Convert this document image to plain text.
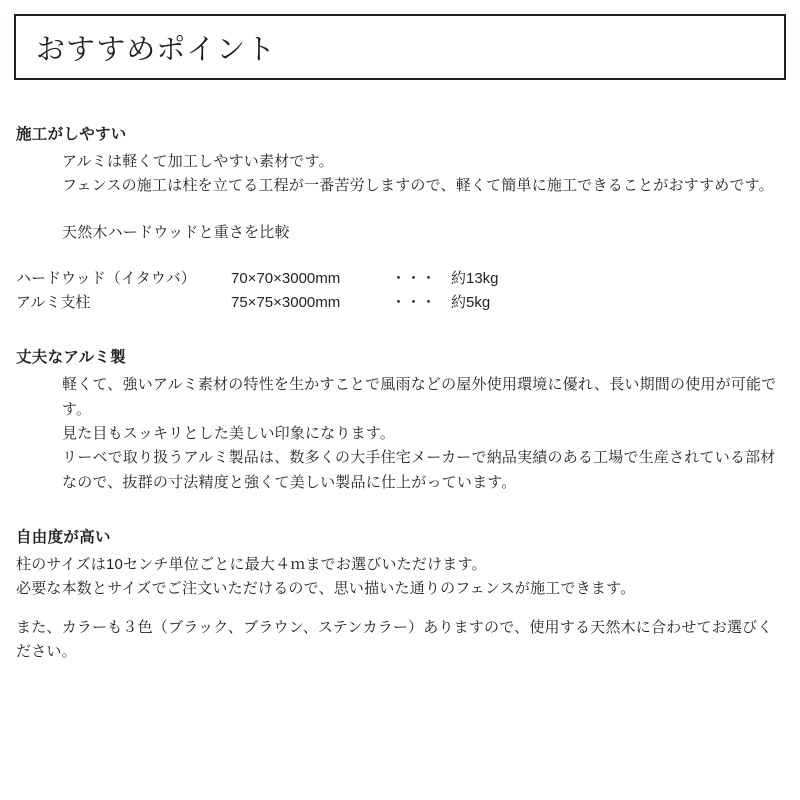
おすすめポイント
施工がしやすい
アルミは軽くて加工しやすい素材です。
フェンスの施工は柱を立てる工程が一番苦労しますので、軽くて簡単に施工できることがおすすめです。
天然木ハードウッドと重さを比較
ハードウッド（イタウバ）	70×70×3000mm	・・・	約13kg
アルミ支柱	75×75×3000mm	・・・	約5kg
丈夫なアルミ製
軽くて、強いアルミ素材の特性を生かすことで風雨などの屋外使用環境に優れ、長い期間の使用が可能です。
見た目もスッキリとした美しい印象になります。
リーベで取り扱うアルミ製品は、数多くの大手住宅メーカーで納品実績のある工場で生産されている部材なので、抜群の寸法精度と強くて美しい製品に仕上がっています。
自由度が高い
柱のサイズは10センチ単位ごとに最大４ｍまでお選びいただけます。
必要な本数とサイズでご注文いただけるので、思い描いた通りのフェンスが施工できます。
また、カラーも３色（ブラック、ブラウン、ステンカラー）ありますので、使用する天然木に合わせてお選びください。
